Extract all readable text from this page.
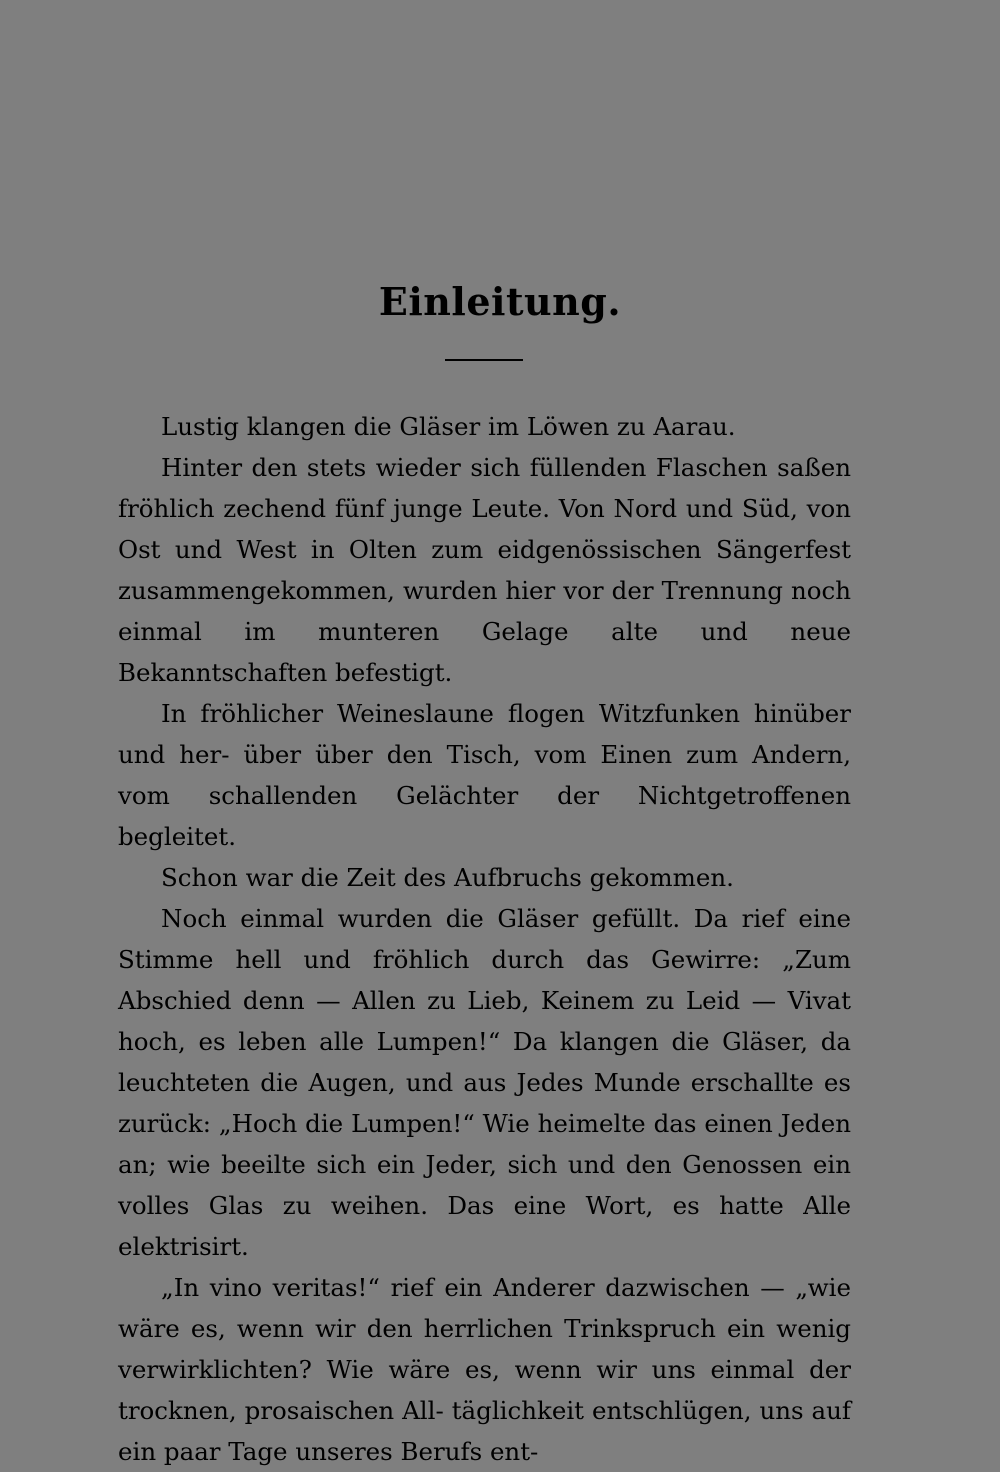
Einleitung.

Lustig klangen die Gläser im Löwen zu Aarau.

Hinter den stets wieder sich füllenden Flaschen saßen fröhlich zechend fünf junge Leute. Von Nord und Süd, von Ost und West in Olten zum eidgenössischen Sängerfest zusammengekommen, wurden hier vor der Trennung noch einmal im munteren Gelage alte und neue Bekanntschaften befestigt.

In fröhlicher Weineslaune flogen Witzfunken hinüber und her- über über den Tisch, vom Einen zum Andern, vom schallenden Gelächter der Nichtgetroffenen begleitet.

Schon war die Zeit des Aufbruchs gekommen.

Noch einmal wurden die Gläser gefüllt. Da rief eine Stimme hell und fröhlich durch das Gewirre: „Zum Abschied denn — Allen zu Lieb, Keinem zu Leid — Vivat hoch, es leben alle Lumpen!“ Da klangen die Gläser, da leuchteten die Augen, und aus Jedes Munde erschallte es zurück: „Hoch die Lumpen!“ Wie heimelte das einen Jeden an; wie beeilte sich ein Jeder, sich und den Genossen ein volles Glas zu weihen. Das eine Wort, es hatte Alle elektrisirt.

„In vino veritas!“ rief ein Anderer dazwischen — „wie wäre es, wenn wir den herrlichen Trinkspruch ein wenig verwirklichten? Wie wäre es, wenn wir uns einmal der trocknen, prosaischen All- täglichkeit entschlügen, uns auf ein paar Tage unseres Berufs ent-
